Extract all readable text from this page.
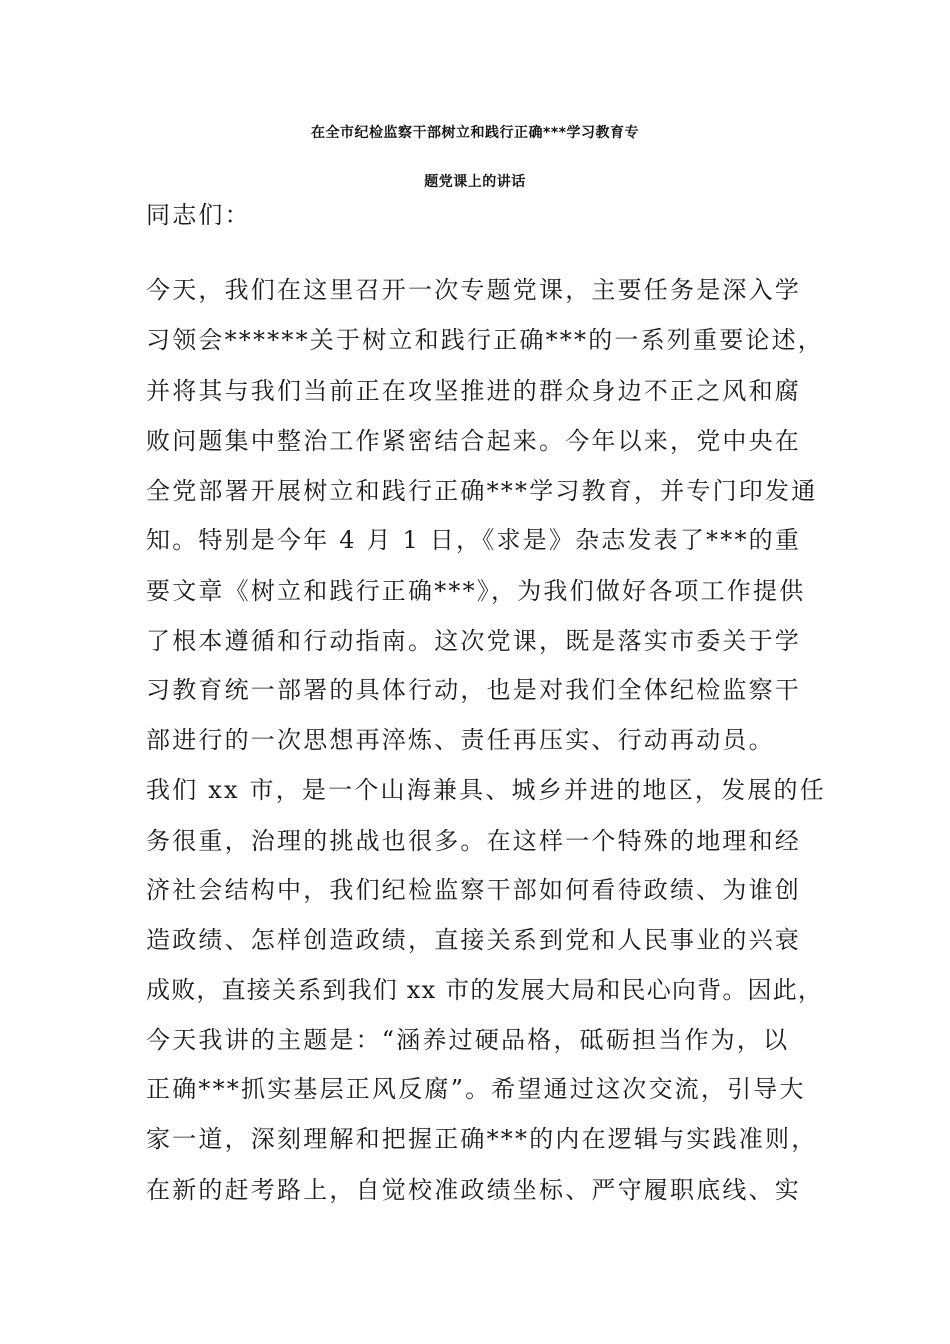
在全市纪检监察干部树立和践行正确***学习教育专
题党课上的讲话
同志们：
今天，我们在这里召开一次专题党课，主要任务是深入学
习领会******关于树立和践行正确***的一系列重要论述，
并将其与我们当前正在攻坚推进的群众身边不正之风和腐
败问题集中整治工作紧密结合起来。今年以来，党中央在
全党部署开展树立和践行正确***学习教育，并专门印发通
知。特别是今年 4 月 1 日，《求是》杂志发表了***的重
要文章《树立和践行正确***》，为我们做好各项工作提供
了根本遵循和行动指南。这次党课，既是落实市委关于学
习教育统一部署的具体行动，也是对我们全体纪检监察干
部进行的一次思想再淬炼、责任再压实、行动再动员。
我们 xx 市，是一个山海兼具、城乡并进的地区，发展的任
务很重，治理的挑战也很多。在这样一个特殊的地理和经
济社会结构中，我们纪检监察干部如何看待政绩、为谁创
造政绩、怎样创造政绩，直接关系到党和人民事业的兴衰
成败，直接关系到我们 xx 市的发展大局和民心向背。因此，
今天我讲的主题是：“涵养过硬品格，砥砺担当作为，以
正确***抓实基层正风反腐”。希望通过这次交流，引导大
家一道，深刻理解和把握正确***的内在逻辑与实践准则，
在新的赶考路上，自觉校准政绩坐标、严守履职底线、实
